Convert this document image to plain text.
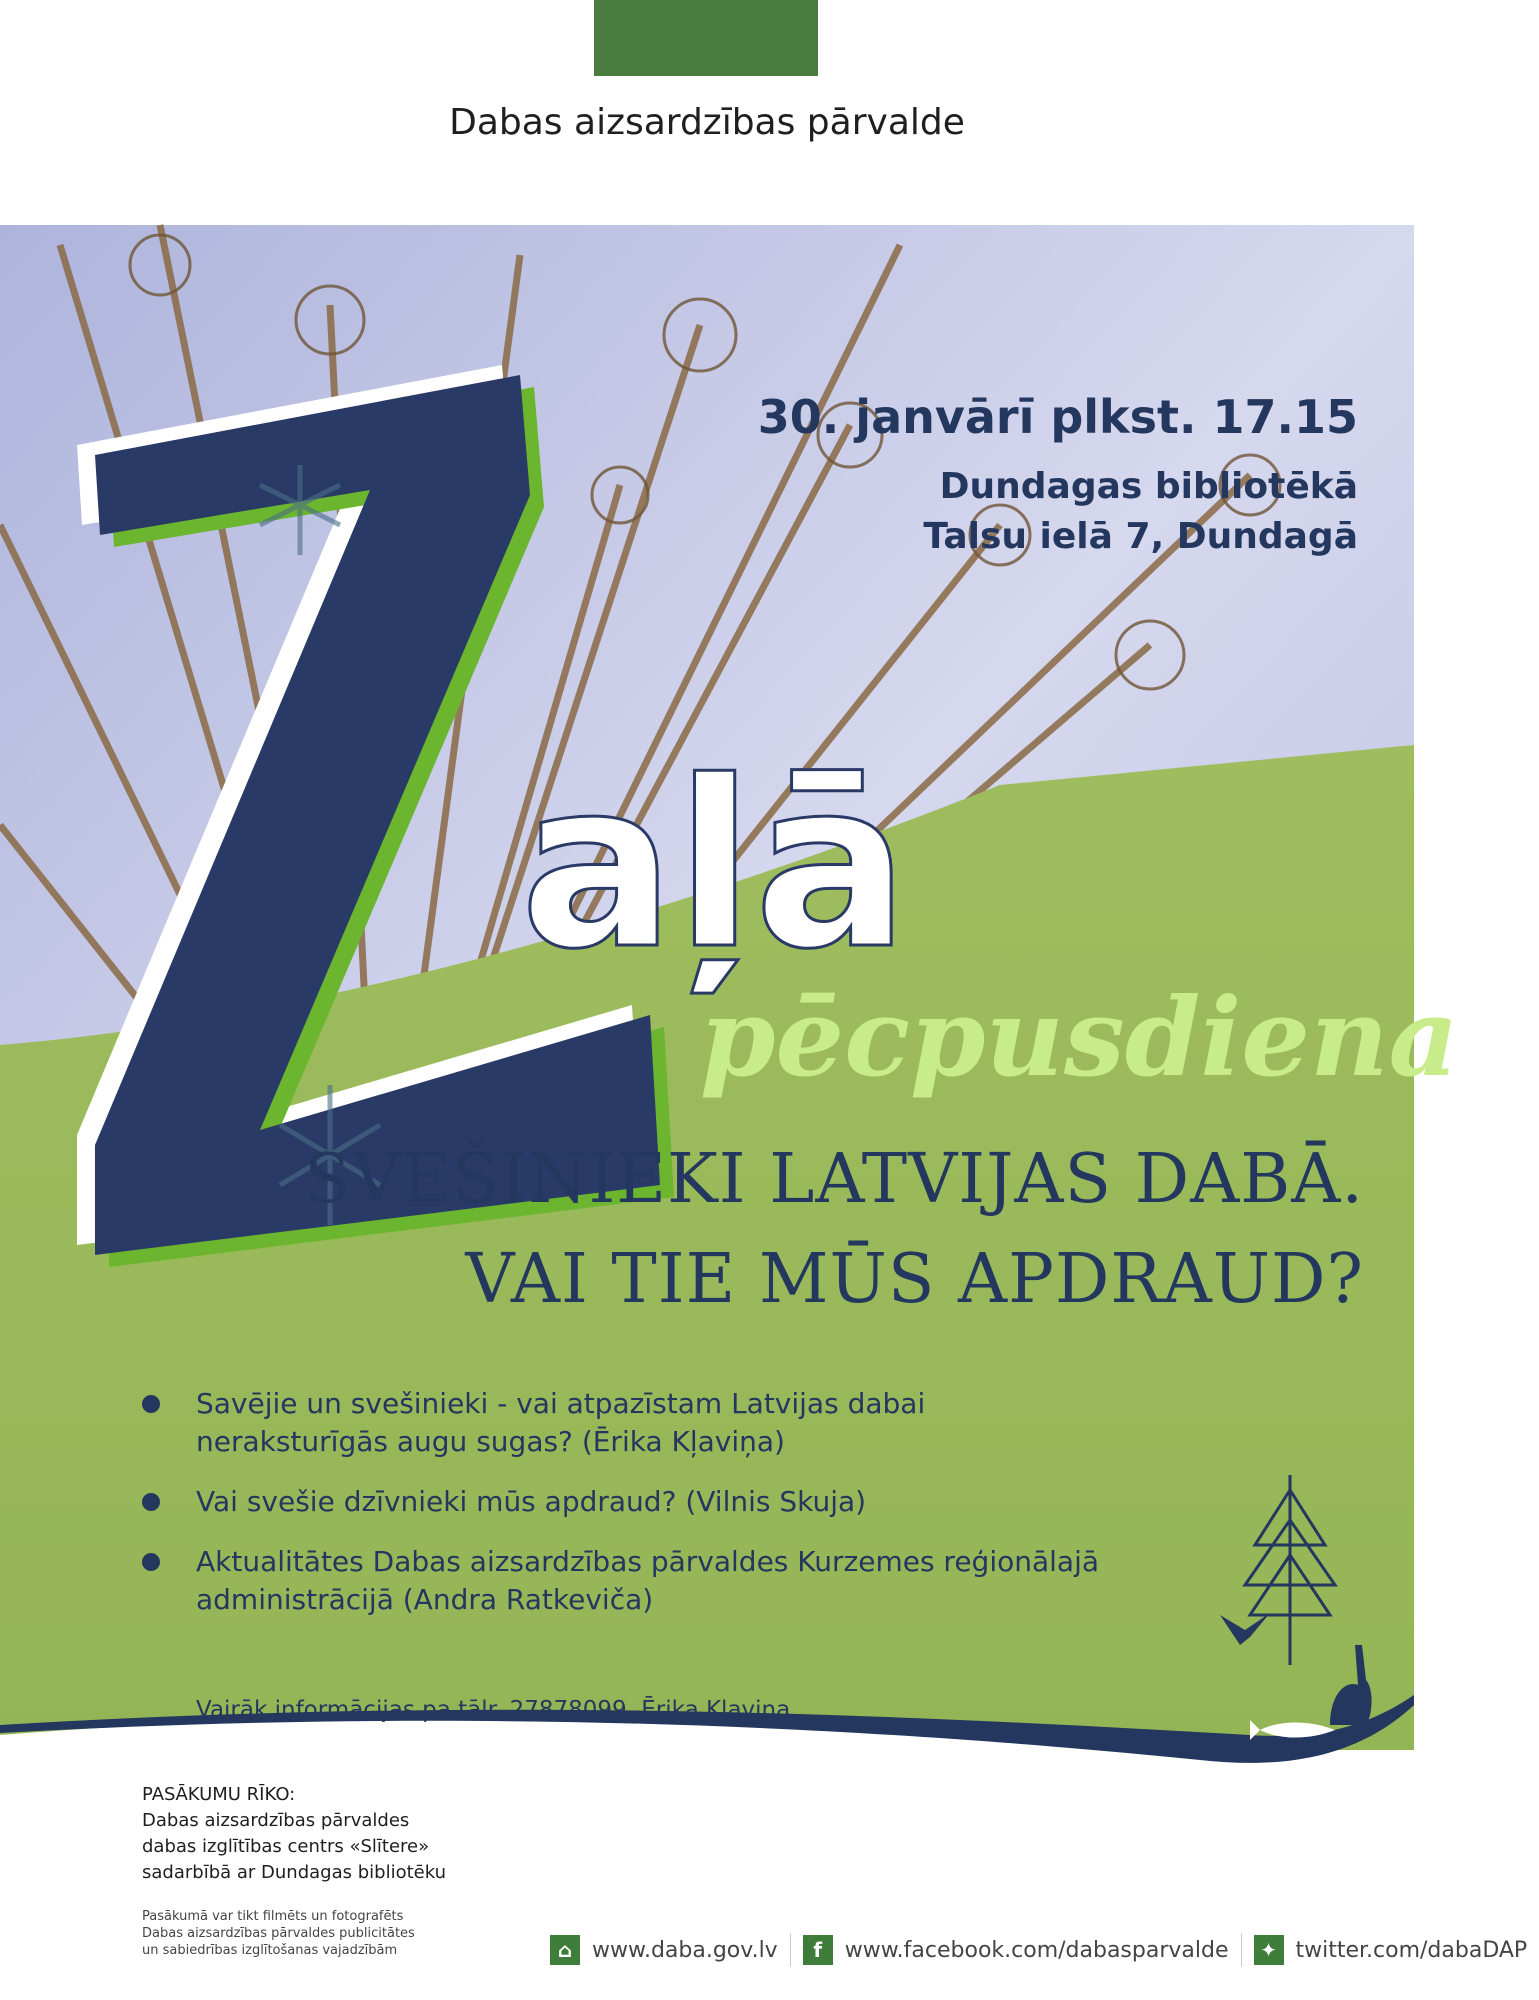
Dabas aizsardzības pārvalde
aļā
pēcpusdiena
30. janvārī plkst. 17.15
Dundagas bibliotēkā
Talsu ielā 7, Dundagā
SVEŠINIEKI LATVIJAS DABĀ.
VAI TIE MŪS APDRAUD?
Savējie un svešinieki - vai atpazīstam Latvijas dabai neraksturīgās augu sugas? (Ērika Kļaviņa)
Vai svešie dzīvnieki mūs apdraud? (Vilnis Skuja)
Aktualitātes Dabas aizsardzības pārvaldes Kurzemes reģionālajā administrācijā (Andra Ratkeviča)
Vairāk informācijas pa tālr. 27878099, Ērika Kļaviņa
PASĀKUMU RĪKO:
Dabas aizsardzības pārvaldes
dabas izglītības centrs «Slītere»
sadarbībā ar Dundagas bibliotēku
Pasākumā var tikt filmēts un fotografēts
Dabas aizsardzības pārvaldes publicitātes
un sabiedrības izglītošanas vajadzībām	⌂ www.daba.gov.lv	f	www.facebook.com/dabasparvalde	✦ twitter.com/dabaDAP
